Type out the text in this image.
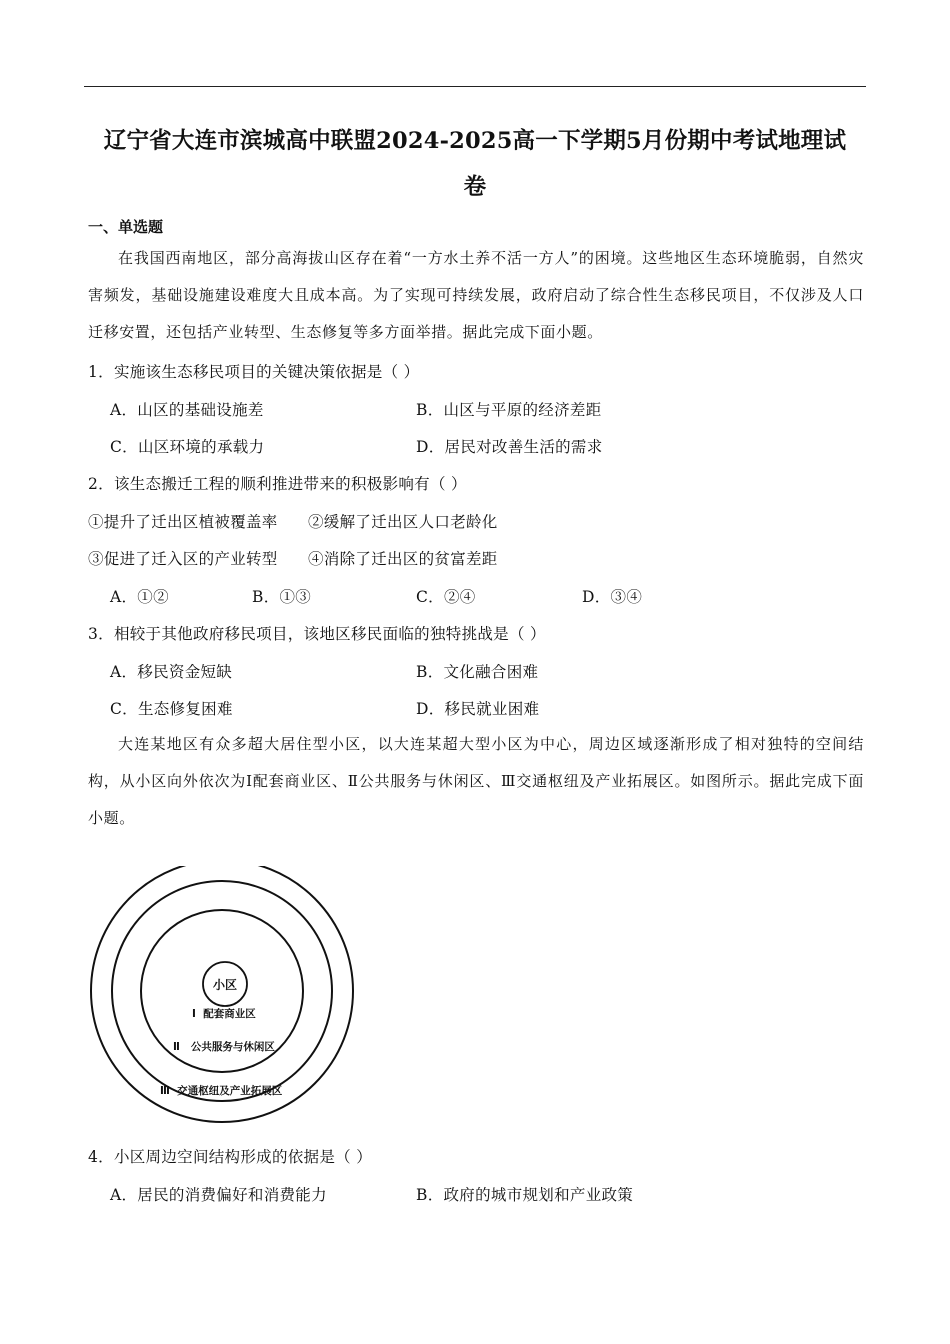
辽宁省大连市滨城高中联盟2024-2025高一下学期5月份期中考试地理试
卷
一、单选题
在我国西南地区，部分高海拔山区存在着“一方水土养不活一方人”的困境。这些地区生态环境脆弱，自然灾害频发，基础设施建设难度大且成本高。为了实现可持续发展，政府启动了综合性生态移民项目，不仅涉及人口迁移安置，还包括产业转型、生态修复等多方面举措。据此完成下面小题。
1．实施该生态移民项目的关键决策依据是（ ）
A．山区的基础设施差	B．山区与平原的经济差距
C．山区环境的承载力	D．居民对改善生活的需求
2．该生态搬迁工程的顺利推进带来的积极影响有（ ）
①提升了迁出区植被覆盖率 ②缓解了迁出区人口老龄化
③促进了迁入区的产业转型 ④消除了迁出区的贫富差距
A．①②	B．①③	C．②④	D．③④
3．相较于其他政府移民项目，该地区移民面临的独特挑战是（ ）
A．移民资金短缺	B．文化融合困难
C．生态修复困难	D．移民就业困难
大连某地区有众多超大居住型小区，以大连某超大型小区为中心，周边区域逐渐形成了相对独特的空间结构，从小区向外依次为Ⅰ配套商业区、Ⅱ公共服务与休闲区、Ⅲ交通枢纽及产业拓展区。如图所示。据此完成下面小题。
小区
Ⅰ  配套商业区
Ⅱ   公共服务与休闲区
Ⅲ  交通枢纽及产业拓展区
4．小区周边空间结构形成的依据是（ ）
A．居民的消费偏好和消费能力	B．政府的城市规划和产业政策
